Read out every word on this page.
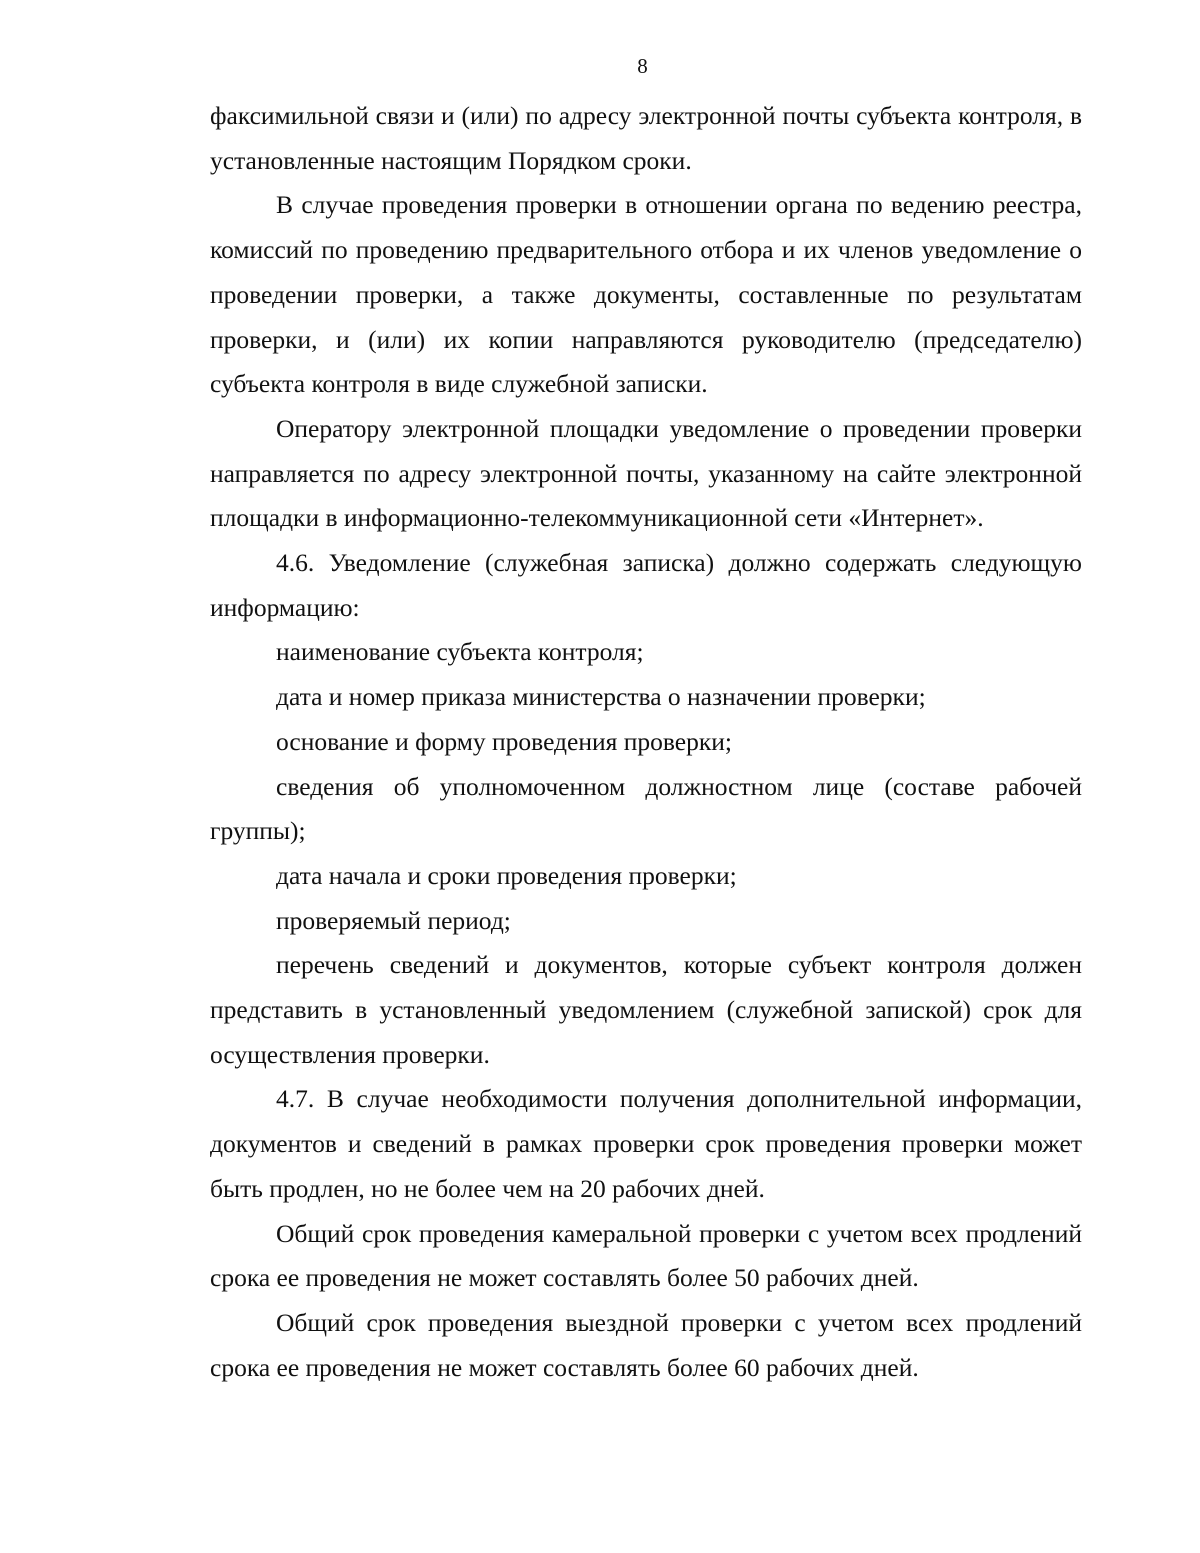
8

факсимильной связи и (или) по адресу электронной почты субъекта контроля, в установленные настоящим Порядком сроки.

В случае проведения проверки в отношении органа по ведению реестра, комиссий по проведению предварительного отбора и их членов уведомление о проведении проверки, а также документы, составленные по результатам проверки, и (или) их копии направляются руководителю (председателю) субъекта контроля в виде служебной записки.

Оператору электронной площадки уведомление о проведении проверки направляется по адресу электронной почты, указанному на сайте электронной площадки в информационно-телекоммуникационной сети «Интернет».

4.6. Уведомление (служебная записка) должно содержать следующую информацию:

наименование субъекта контроля;

дата и номер приказа министерства о назначении проверки;

основание и форму проведения проверки;

сведения об уполномоченном должностном лице (составе рабочей группы);

дата начала и сроки проведения проверки;

проверяемый период;

перечень сведений и документов, которые субъект контроля должен представить в установленный уведомлением (служебной запиской) срок для осуществления проверки.

4.7. В случае необходимости получения дополнительной информации, документов и сведений в рамках проверки срок проведения проверки может быть продлен, но не более чем на 20 рабочих дней.

Общий срок проведения камеральной проверки с учетом всех продлений срока ее проведения не может составлять более 50 рабочих дней.

Общий срок проведения выездной проверки с учетом всех продлений срока ее проведения не может составлять более 60 рабочих дней.
